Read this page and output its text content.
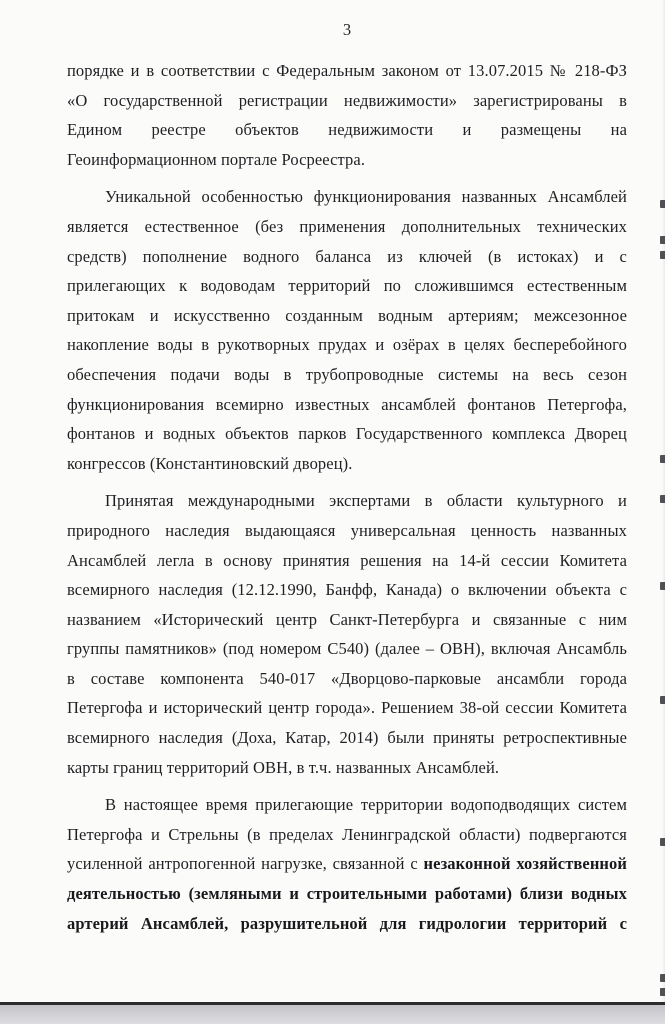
3
порядке и в соответствии с Федеральным законом от 13.07.2015 № 218-ФЗ
«О государственной регистрации недвижимости» зарегистрированы в
Едином реестре объектов недвижимости и размещены на
Геоинформационном портале Росреестра.
Уникальной особенностью функционирования названных Ансамблей
является естественное (без применения дополнительных технических
средств) пополнение водного баланса из ключей (в истоках) и с
прилегающих к водоводам территорий по сложившимся естественным
притокам и искусственно созданным водным артериям; межсезонное
накопление воды в рукотворных прудах и озёрах в целях бесперебойного
обеспечения подачи воды в трубопроводные системы на весь сезон
функционирования всемирно известных ансамблей фонтанов Петергофа,
фонтанов и водных объектов парков Государственного комплекса Дворец
конгрессов (Константиновский дворец).
Принятая международными экспертами в области культурного и
природного наследия выдающаяся универсальная ценность названных
Ансамблей легла в основу принятия решения на 14-й сессии Комитета
всемирного наследия (12.12.1990, Банфф, Канада) о включении объекта с
названием «Исторический центр Санкт-Петербурга и связанные с ним
группы памятников» (под номером С540) (далее – ОВН), включая Ансамбль
в составе компонента 540-017 «Дворцово-парковые ансамбли города
Петергофа и исторический центр города». Решением 38-ой сессии Комитета
всемирного наследия (Доха, Катар, 2014) были приняты ретроспективные
карты границ территорий ОВН, в т.ч. названных Ансамблей.
В настоящее время прилегающие территории водоподводящих систем
Петергофа и Стрельны (в пределах Ленинградской области) подвергаются
усиленной антропогенной нагрузке, связанной с незаконной хозяйственной
деятельностью (земляными и строительными работами) близи водных
артерий Ансамблей, разрушительной для гидрологии территорий с
